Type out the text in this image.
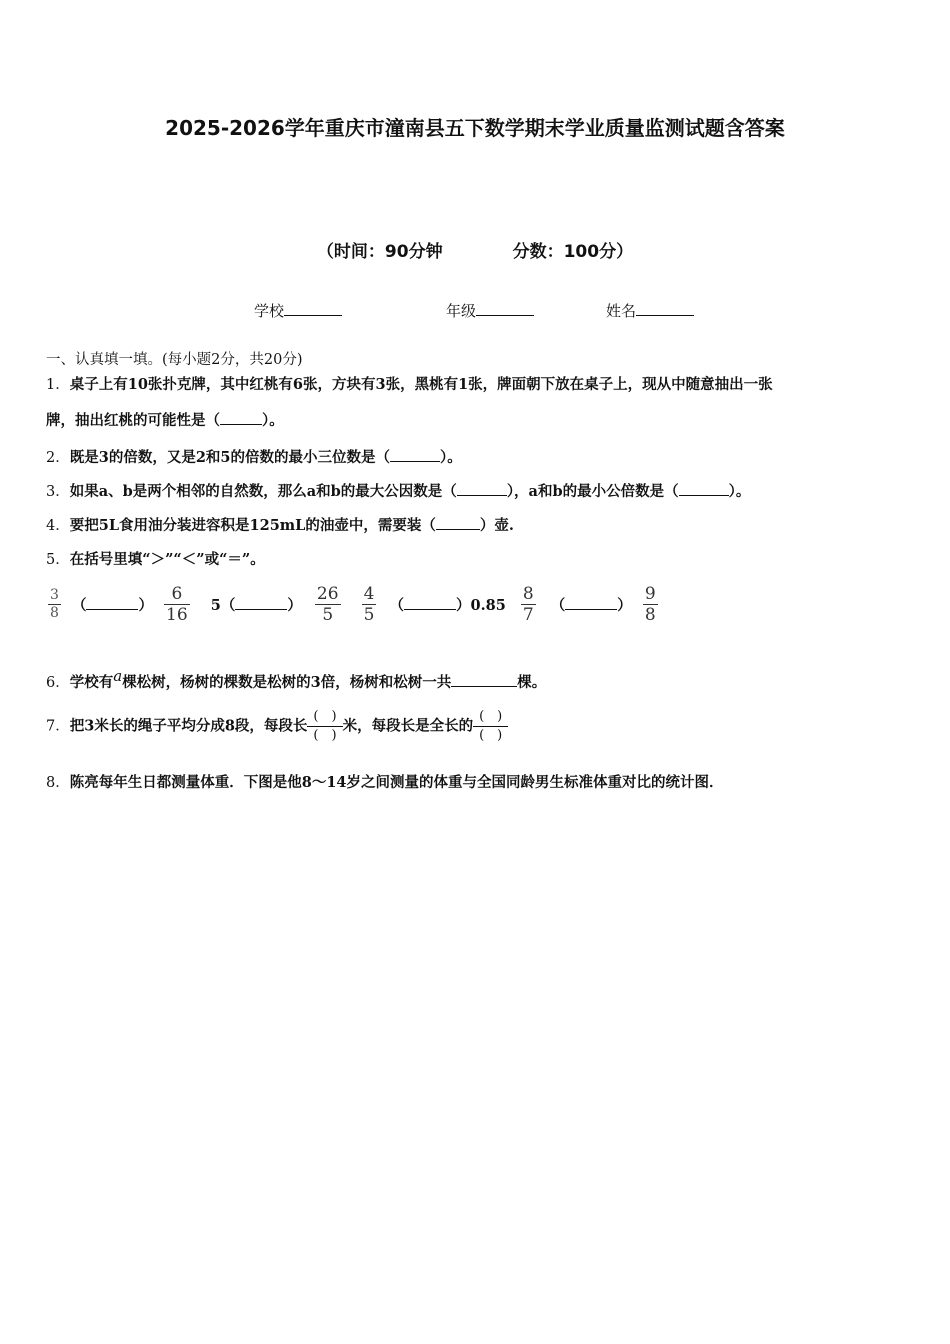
2025-2026学年重庆市潼南县五下数学期末学业质量监测试题含答案
（时间：90分钟	分数：100分）
学校	年级	姓名
一、认真填一填。(每小题2分，共20分)
1．桌子上有10张扑克牌，其中红桃有6张，方块有3张，黑桃有1张，牌面朝下放在桌子上，现从中随意抽出一张
牌，抽出红桃的可能性是（	）。
2．既是3的倍数，又是2和5的倍数的最小三位数是（	）。
3．如果a、b是两个相邻的自然数，那么a和b的最大公因数是（	），a和b的最小公倍数是（	）。
4．要把5L食用油分装进容积是125mL的油壶中，需要装（	）壶.
5．在括号里填“＞”“＜”或“＝”。
$\frac{3}{8}$ （	） $\frac{6}{16} 5$（	） $\frac{26}{5}$
$\frac{4}{5}$ （	）$0.85 \frac{8}{7}$ （	） $\frac{9}{8}$
6．学校有a棵松树，杨树的棵数是松树的3倍，杨树和松树一共	棵。
7．把3米长的绳子平均分成8段，每段长
(　)
(　)
米，每段长是全长的
(　)
(　)
8．陈亮每年生日都测量体重．下图是他8～14岁之间测量的体重与全国同龄男生标准体重对比的统计图．
